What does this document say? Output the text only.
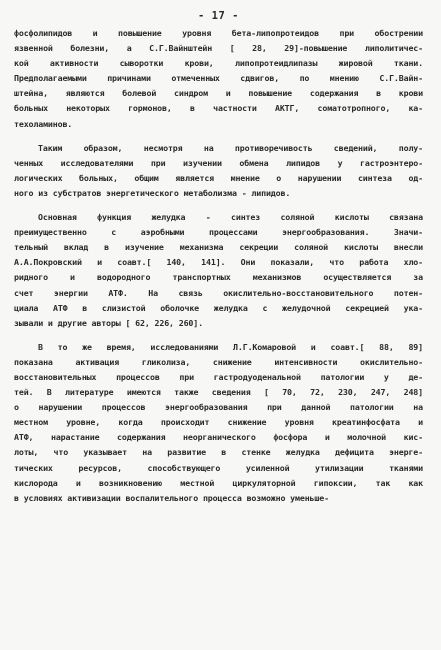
- 17 -
фосфолипидов и повышение уровня бета-липопротеидов при обострении
язвенной болезни, а С.Г.Вайнштейн [ 28, 29]-повышение липолитичес-
кой активности сыворотки крови, липопротеидлипазы жировой ткани.
Предполагаемыми причинами отмеченных сдвигов, по мнению С.Г.Вайн-
штейна, являются болевой синдром и повышение содержания в крови
больных некоторых гормонов, в частности АКТГ, соматотропного, ка-
техоламинов.
Таким образом, несмотря на противоречивость сведений, полу-
ченных исследователями при изучении обмена липидов у гастроэнтеро-
логических больных, общим является мнение о нарушении синтеза од-
ного из субстратов энергетического метаболизма - липидов.
Основная функция желудка - синтез соляной кислоты связана
преимущественно с аэробными процессами энергообразования. Значи-
тельный вклад в изучение механизма секреции соляной кислоты внесли
А.А.Покровский и соавт.[ 140, 141]. Они показали, что работа хло-
ридного и водородного транспортных механизмов осуществляется за
счет энергии АТФ. На связь окислительно-восстановительного потен-
циала АТФ в слизистой оболочке желудка с желудочной секрецией ука-
зывали и другие авторы [ 62, 226, 260].
В то же время, исследованиями Л.Г.Комаровой и соавт.[ 88, 89]
показана активация гликолиза, снижение интенсивности окислительно-
восстановительных процессов при гастродуоденальной патологии у де-
тей. В литературе имеются также сведения [ 70, 72, 230, 247, 248]
о нарушении процессов энергообразования при данной патологии на
местном уровне, когда происходит снижение уровня креатинфосфата и
АТФ, нарастание содержания неорганического фосфора и молочной кис-
лоты, что указывает на развитие в стенке желудка дефицита энерге-
тических ресурсов, способствующего усиленной утилизации тканями
кислорода и возникновению местной циркуляторной гипоксии, так как
в условиях активизации воспалительного процесса возможно уменьше-
